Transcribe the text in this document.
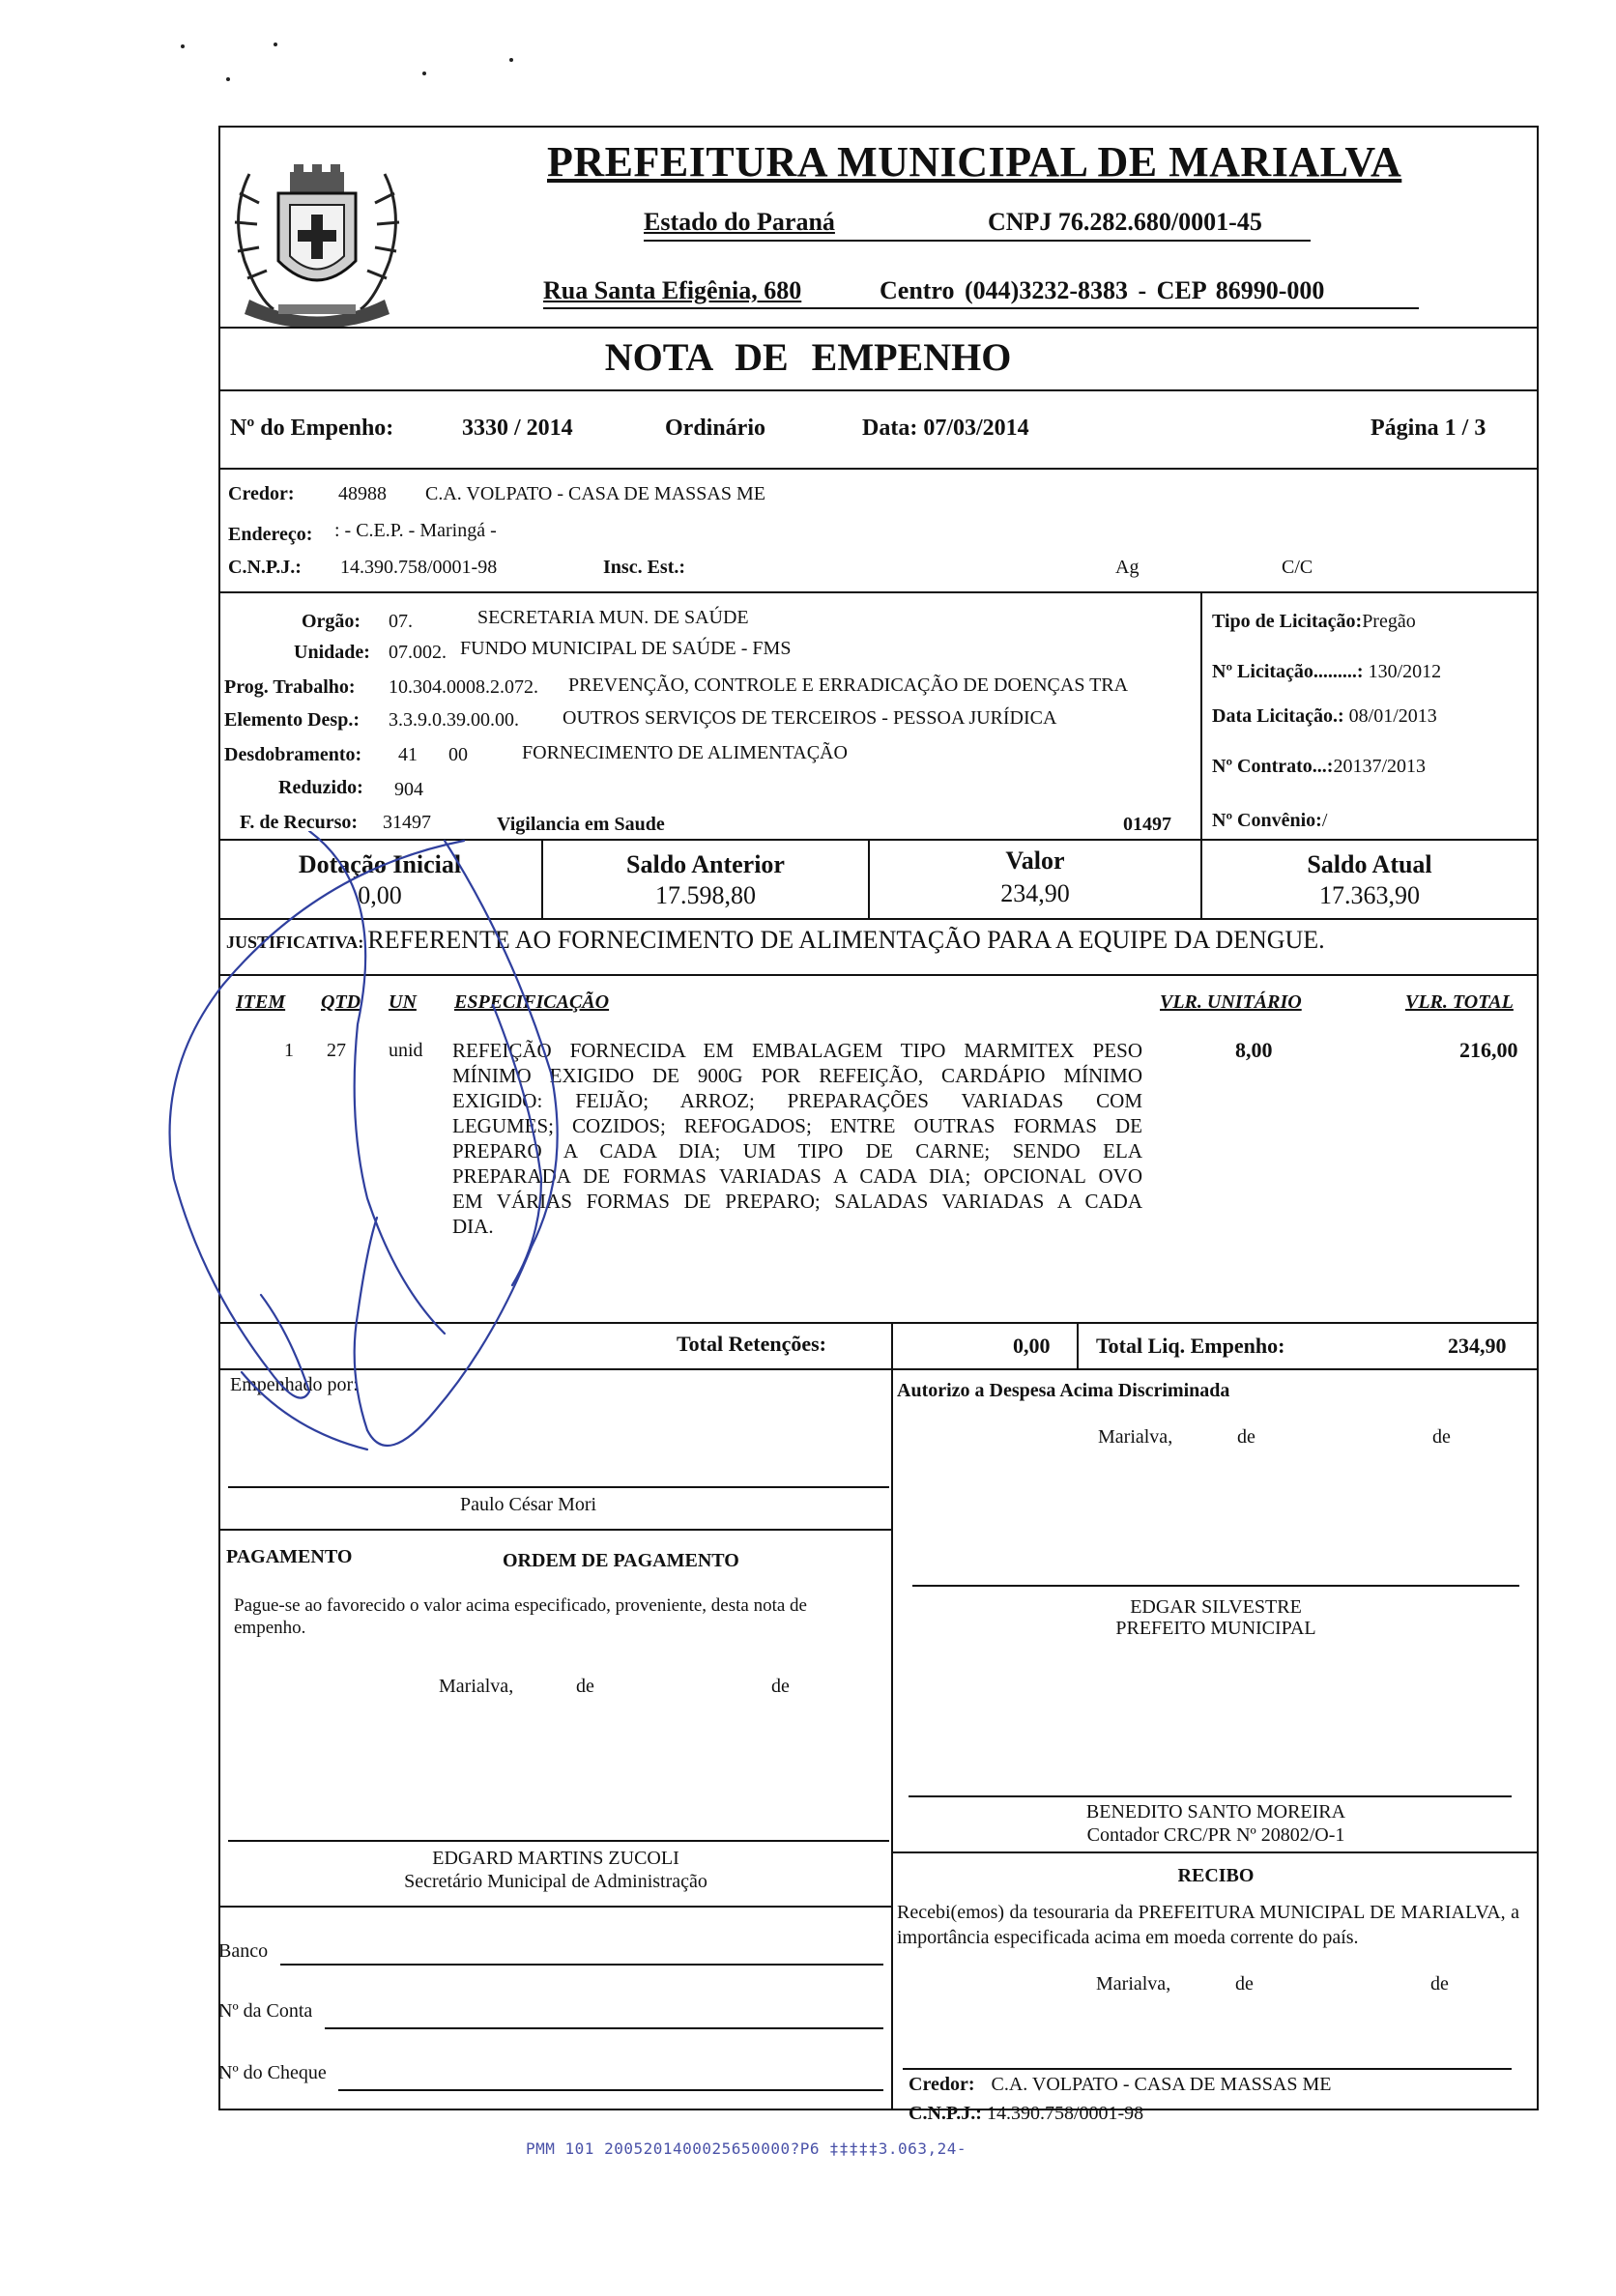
PREFEITURA MUNICIPAL DE MARIALVA
Estado do Paraná	CNPJ 76.282.680/0001-45
Rua Santa Efigênia, 680	Centro (044)3232-8383 - CEP 86990-000
NOTA DE EMPENHO
Nº do Empenho:	3330 / 2014	Ordinário	Data: 07/03/2014	Página 1 / 3
Credor: 48988 C.A. VOLPATO - CASA DE MASSAS ME
Endereço: : - C.E.P. - Maringá -
C.N.P.J.: 14.390.758/0001-98	Insc. Est.:	Ag	C/C
Orgão: 07.	SECRETARIA MUN. DE SAÚDE
Unidade: 07.002. FUNDO MUNICIPAL DE SAÚDE - FMS
Prog. Trabalho: 10.304.0008.2.072. PREVENÇÃO, CONTROLE E ERRADICAÇÃO DE DOENÇAS TRA
Elemento Desp.: 3.3.9.0.39.00.00. OUTROS SERVIÇOS DE TERCEIROS - PESSOA JURÍDICA
Desdobramento: 41 00	FORNECIMENTO DE ALIMENTAÇÃO
Reduzido: 904
F. de Recurso: 31497	Vigilancia em Saude	01497
Tipo de Licitação:Pregão
Nº Licitação.........: 130/2012
Data Licitação.: 08/01/2013
Nº Contrato...:20137/2013
Nº Convênio:/
Dotação Inicial
0,00
Saldo Anterior
17.598,80
Valor
234,90
Saldo Atual
17.363,90
JUSTIFICATIVA: REFERENTE AO FORNECIMENTO DE ALIMENTAÇÃO PARA A EQUIPE DA DENGUE.
ITEM QTD UN ESPECIFICAÇÃO	VLR. UNITÁRIO	VLR. TOTAL
1 27 unid REFEIÇÃO FORNECIDA EM EMBALAGEM TIPO MARMITEX PESO
MÍNIMO EXIGIDO DE 900G POR REFEIÇÃO, CARDÁPIO MÍNIMO
EXIGIDO: FEIJÃO; ARROZ; PREPARAÇÕES VARIADAS COM
LEGUMES; COZIDOS; REFOGADOS; ENTRE OUTRAS FORMAS DE
PREPARO A CADA DIA; UM TIPO DE CARNE; SENDO ELA
PREPARADA DE FORMAS VARIADAS A CADA DIA; OPCIONAL OVO
EM VÁRIAS FORMAS DE PREPARO; SALADAS VARIADAS A CADA
DIA.
8,00	216,00
Total Retenções:	0,00 Total Liq. Empenho:	234,90
Empenhado por:
Paulo César Mori
Autorizo a Despesa Acima Discriminada
Marialva,	de	de
PAGAMENTO	ORDEM DE PAGAMENTO
Pague-se ao favorecido o valor acima especificado, proveniente, desta nota de empenho.
Marialva,	de	de
EDGARD MARTINS ZUCOLI
Secretário Municipal de Administração
EDGAR SILVESTRE
PREFEITO MUNICIPAL
BENEDITO SANTO MOREIRA
Contador CRC/PR Nº 20802/O-1
RECIBO
Recebi(emos) da tesouraria da PREFEITURA MUNICIPAL DE MARIALVA, a importância especificada acima em moeda corrente do país.
Marialva,	de	de
Banco
Nº da Conta
Nº do Cheque
Credor: C.A. VOLPATO - CASA DE MASSAS ME
C.N.P.J.: 14.390.758/0001-98
PMM 101 2005201400025650000?P6 ‡‡‡‡‡3.063,24-
